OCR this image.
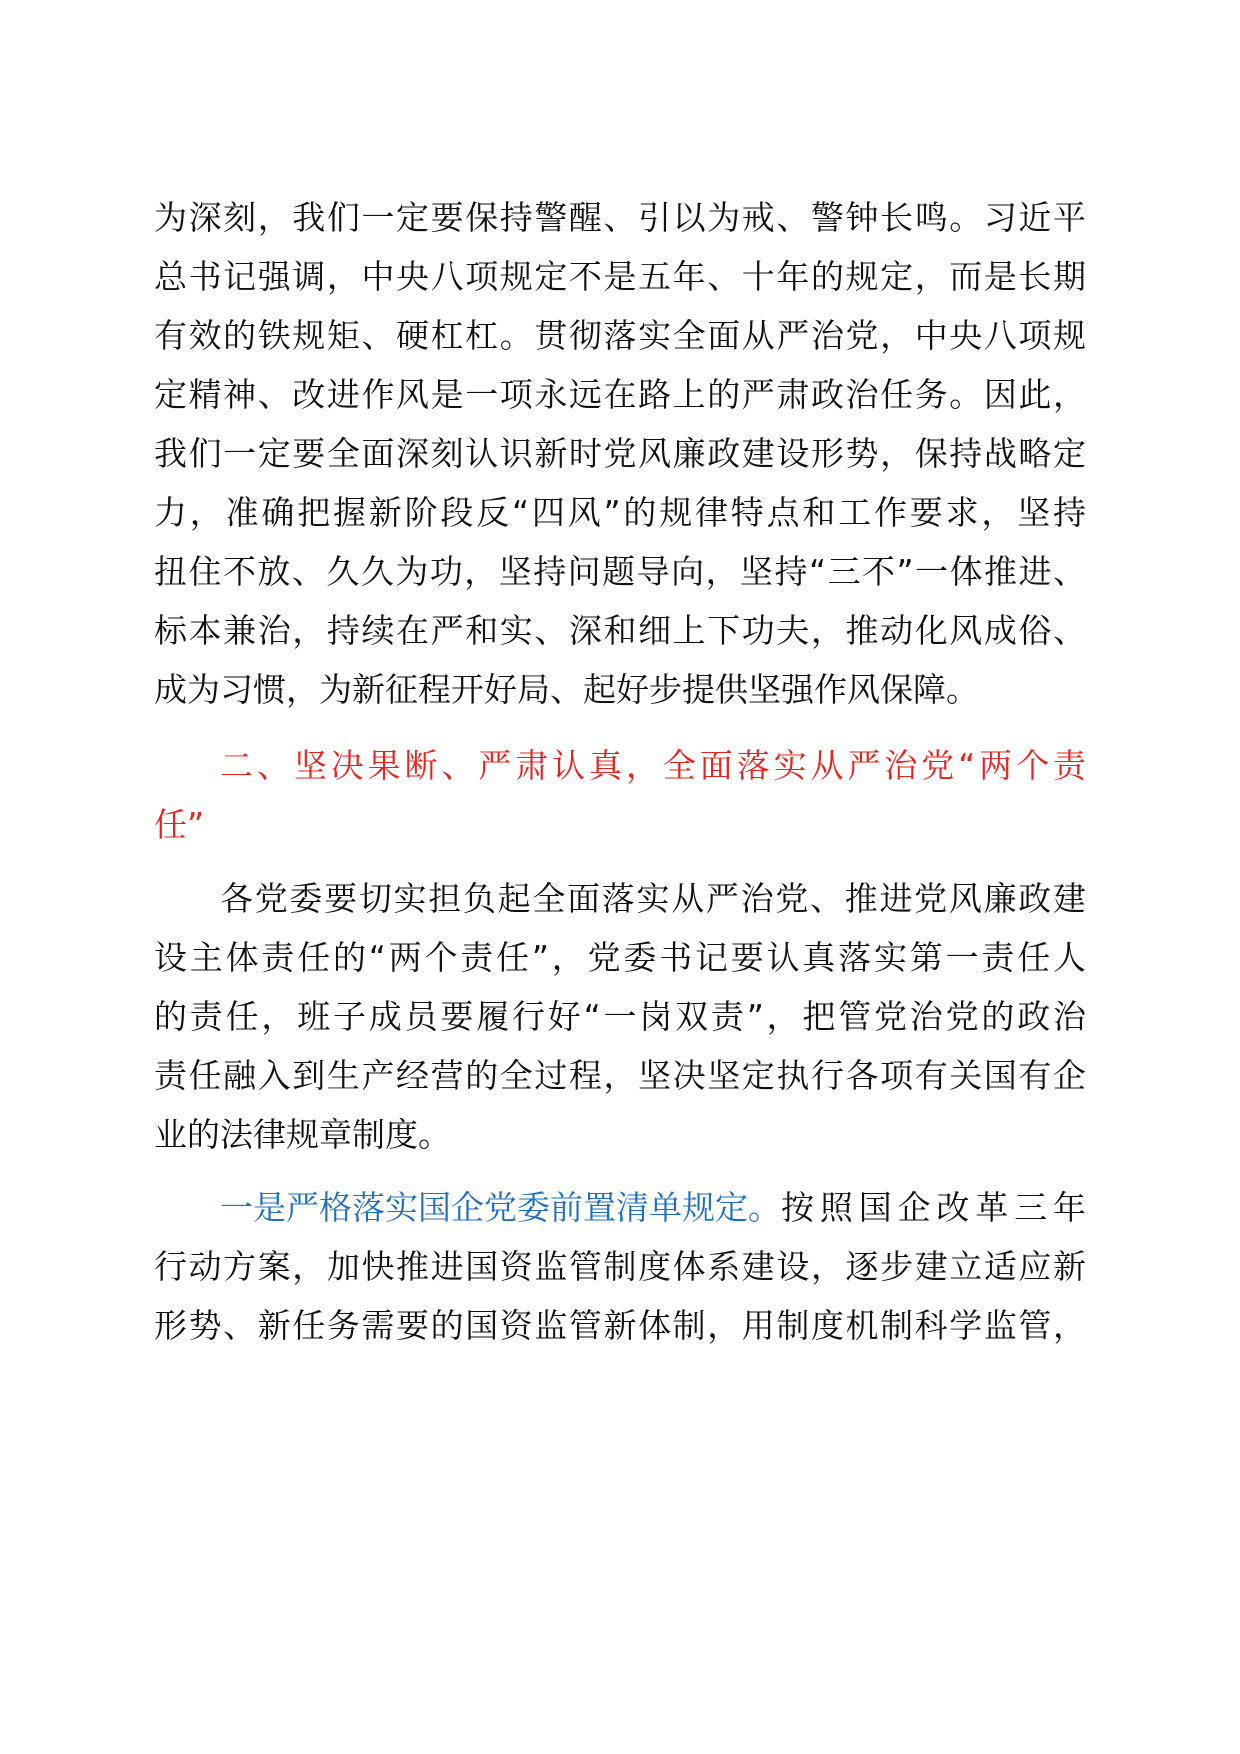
为深刻，我们一定要保持警醒、引以为戒、警钟长鸣。习近平
总书记强调，中央八项规定不是五年、十年的规定，而是长期
有效的铁规矩、硬杠杠。贯彻落实全面从严治党，中央八项规
定精神、改进作风是一项永远在路上的严肃政治任务。因此，
我们一定要全面深刻认识新时党风廉政建设形势，保持战略定
力，准确把握新阶段反“四风”的规律特点和工作要求，坚持
扭住不放、久久为功，坚持问题导向，坚持“三不”一体推进、
标本兼治，持续在严和实、深和细上下功夫，推动化风成俗、
成为习惯，为新征程开好局、起好步提供坚强作风保障。
二、坚决果断、严肃认真，全面落实从严治党“两个责
任”
各党委要切实担负起全面落实从严治党、推进党风廉政建
设主体责任的“两个责任”，党委书记要认真落实第一责任人
的责任，班子成员要履行好“一岗双责”，把管党治党的政治
责任融入到生产经营的全过程，坚决坚定执行各项有关国有企
业的法律规章制度。
一是严格落实国企党委前置清单规定。 按照国企改革三年
行动方案，加快推进国资监管制度体系建设，逐步建立适应新
形势、新任务需要的国资监管新体制，用制度机制科学监管，
